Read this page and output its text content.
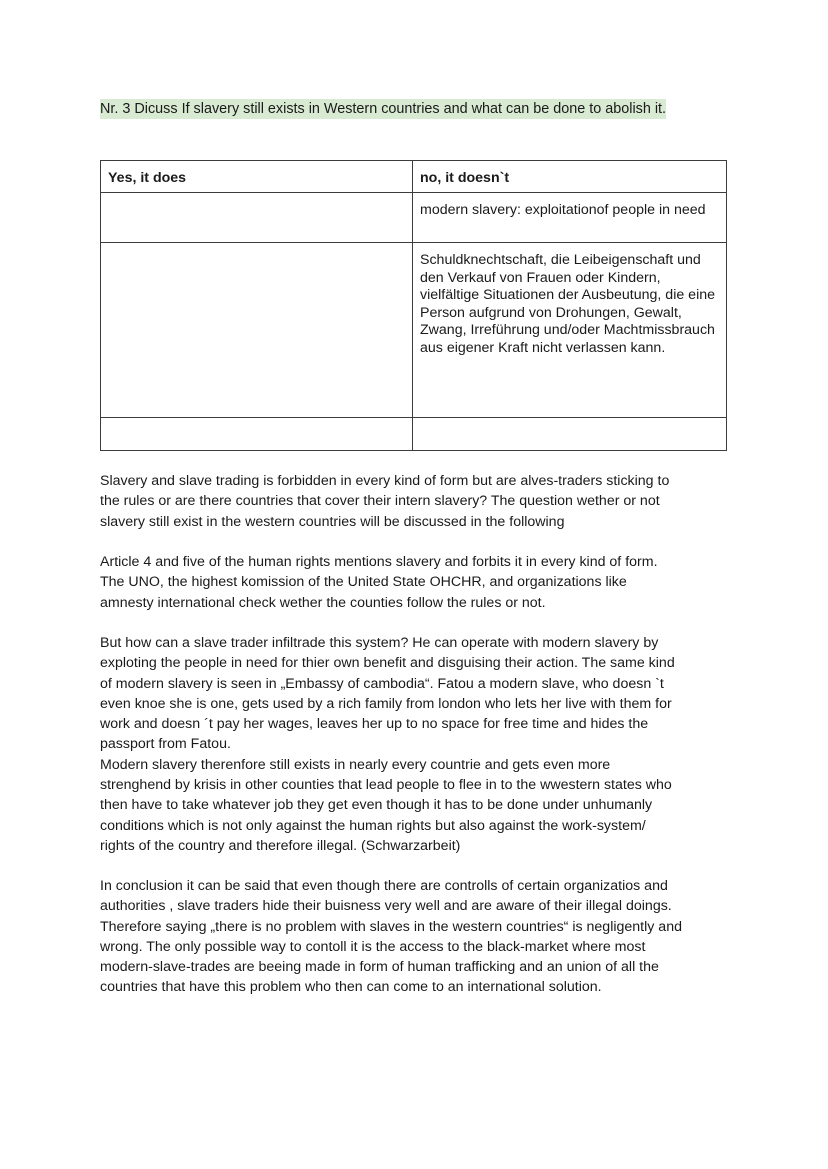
Nr. 3 Dicuss If slavery still exists in Western countries and what can be done to abolish it.
Yes, it does	no, it doesn`t

	modern slavery: exploitationof people in need

	Schuldknechtschaft, die Leibeigenschaft und den Verkauf von Frauen oder Kindern, vielfältige Situationen der Ausbeutung, die eine Person aufgrund von Drohungen, Gewalt, Zwang, Irreführung und/oder Machtmissbrauch aus eigener Kraft nicht verlassen kann.

Slavery and slave trading is forbidden in every kind of form but are alves-traders sticking to
the rules or are there countries that cover their intern slavery? The question wether or not
slavery still exist in the western countries will be discussed in the following
Article 4 and five of the human rights mentions slavery and forbits it in every kind of form.
The UNO, the highest komission of the United State OHCHR, and organizations like
amnesty international check wether the counties follow the rules or not.
But how can a slave trader infiltrade this system? He can operate with modern slavery by
exploting the people in need for thier own benefit and disguising their action. The same kind
of modern slavery is seen in „Embassy of cambodia“. Fatou a modern slave, who doesn `t
even knoe she is one, gets used by a rich family from london who lets her live with them for
work and doesn ´t pay her wages, leaves her up to no space for free time and hides the
passport from Fatou.
Modern slavery therenfore still exists in nearly every countrie and gets even more
strenghend by krisis in other counties that lead people to flee in to the wwestern states who
then have to take whatever job they get even though it has to be done under unhumanly
conditions which is not only against the human rights but also against the work-system/
rights of the country and therefore illegal. (Schwarzarbeit)
In conclusion it can be said that even though there are controlls of certain organizatios and
authorities , slave traders hide their buisness very well and are aware of their illegal doings.
Therefore saying „there is no problem with slaves in the western countries“ is negligently and
wrong. The only possible way to contoll it is the access to the black-market where most
modern-slave-trades are beeing made in form of human trafficking and an union of all the
countries that have this problem who then can come to an international solution.
